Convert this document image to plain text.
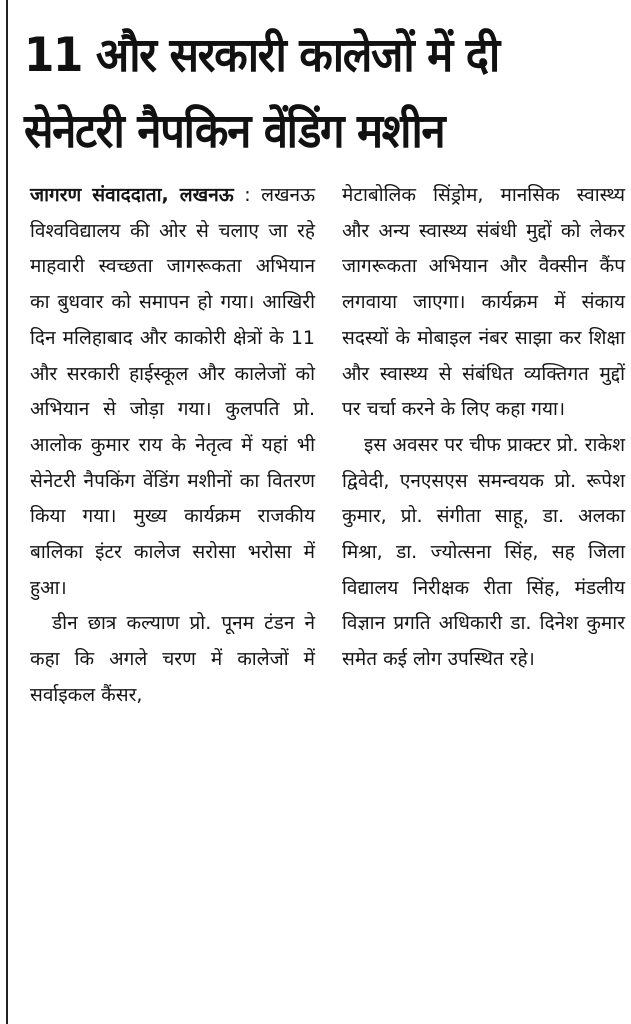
11 और सरकारी कालेजों में दी
सेनेटरी नैपकिन वेंडिंग मशीन

जागरण संवाददाता, लखनऊ : लखनऊ विश्वविद्यालय की ओर से चलाए जा रहे माहवारी स्वच्छता जागरूकता अभियान का बुधवार को समापन हो गया। आखिरी दिन मलिहाबाद और काकोरी क्षेत्रों के 11 और सरकारी हाईस्कूल और कालेजों को अभियान से जोड़ा गया। कुलपति प्रो. आलोक कुमार राय के नेतृत्व में यहां भी सेनेटरी नैपकिंग वेंडिंग मशीनों का वितरण किया गया। मुख्य कार्यक्रम राजकीय बालिका इंटर कालेज सरोसा भरोसा में हुआ।

डीन छात्र कल्याण प्रो. पूनम टंडन ने कहा कि अगले चरण में कालेजों में सर्वाइकल कैंसर,

मेटाबोलिक सिंड्रोम, मानसिक स्वास्थ्य और अन्य स्वास्थ्य संबंधी मुद्दों को लेकर जागरूकता अभियान और वैक्सीन कैंप लगवाया जाएगा। कार्यक्रम में संकाय सदस्यों के मोबाइल नंबर साझा कर शिक्षा और स्वास्थ्य से संबंधित व्यक्तिगत मुद्दों पर चर्चा करने के लिए कहा गया।

इस अवसर पर चीफ प्राक्टर प्रो. राकेश द्विवेदी, एनएसएस समन्वयक प्रो. रूपेश कुमार, प्रो. संगीता साहू, डा. अलका मिश्रा, डा. ज्योत्सना सिंह, सह जिला विद्यालय निरीक्षक रीता सिंह, मंडलीय विज्ञान प्रगति अधिकारी डा. दिनेश कुमार समेत कई लोग उपस्थित रहे।
